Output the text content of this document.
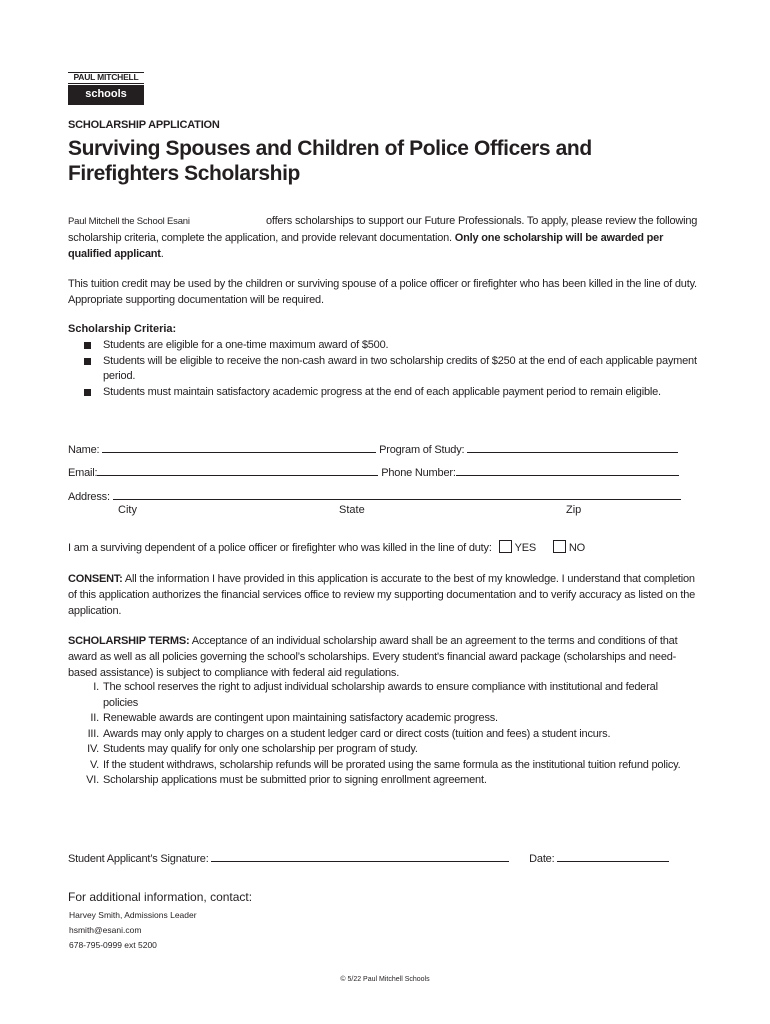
PAUL MITCHELL
schools
SCHOLARSHIP APPLICATION
Surviving Spouses and Children of Police Officers and Firefighters Scholarship
Paul Mitchell the School Esani	offers scholarships to support our Future Professionals. To apply, please review the following scholarship criteria, complete the application, and provide relevant documentation. Only one scholarship will be awarded per qualified applicant.
This tuition credit may be used by the children or surviving spouse of a police officer or firefighter who has been killed in the line of duty. Appropriate supporting documentation will be required.
Scholarship Criteria:
Students are eligible for a one-time maximum award of $500.
Students will be eligible to receive the non-cash award in two scholarship credits of $250 at the end of each applicable payment period.
Students must maintain satisfactory academic progress at the end of each applicable payment period to remain eligible.
Name:	Program of Study:
Email:	Phone Number:
Address:
City	State	Zip
I am a surviving dependent of a police officer or firefighter who was killed in the line of duty: YES	NO
CONSENT: All the information I have provided in this application is accurate to the best of my knowledge. I understand that completion of this application authorizes the financial services office to review my supporting documentation and to verify accuracy as listed on the application.
SCHOLARSHIP TERMS: Acceptance of an individual scholarship award shall be an agreement to the terms and conditions of that award as well as all policies governing the school’s scholarships. Every student's financial award package (scholarships and need-based assistance) is subject to compliance with federal aid regulations.
I. The school reserves the right to adjust individual scholarship awards to ensure compliance with institutional and federal policies
II. Renewable awards are contingent upon maintaining satisfactory academic progress.
III. Awards may only apply to charges on a student ledger card or direct costs (tuition and fees) a student incurs.
IV. Students may qualify for only one scholarship per program of study.
V. If the student withdraws, scholarship refunds will be prorated using the same formula as the institutional tuition refund policy.
VI. Scholarship applications must be submitted prior to signing enrollment agreement.
Student Applicant’s Signature:	Date:
For additional information, contact:
Harvey Smith, Admissions Leader
hsmith@esani.com
678-795-0999 ext 5200
© 5/22 Paul Mitchell Schools
